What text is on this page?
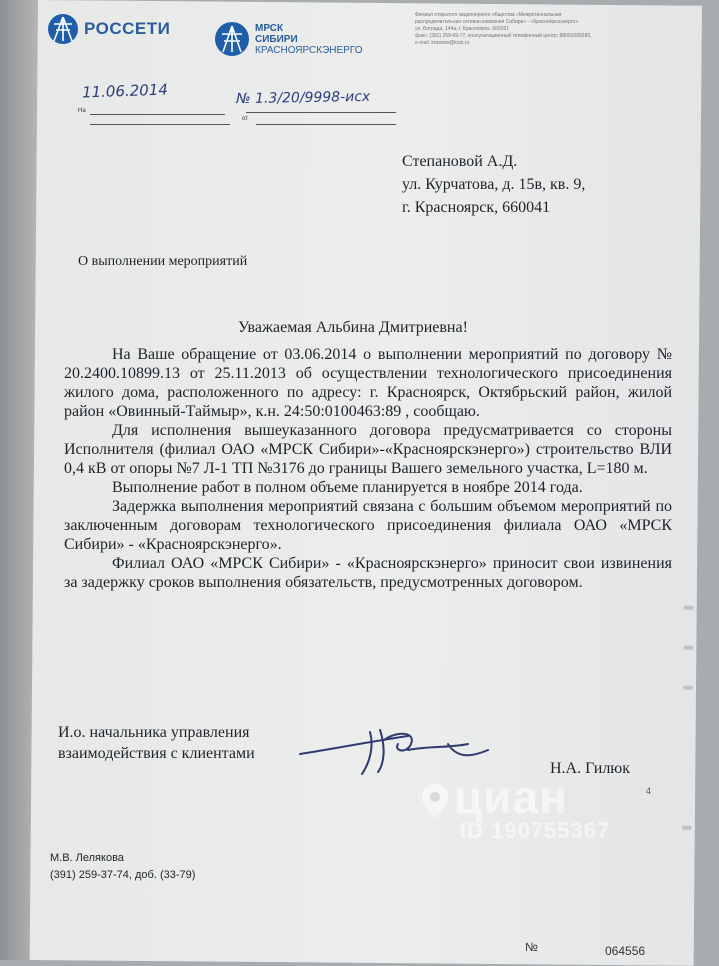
РОССЕТИ	МРСК
СИБИРИ
КРАСНОЯРСКЭНЕРГО
Филиал открытого акционерного общества «Межрегиональная
распределительная сетевая компания Сибири» - «Красноярскэнерго»
ул. Бограда, 144а, г. Красноярск, 660021
факс: (391) 259-69-77, консультационный телефонный центр: 88001000280,
e-mail: krasnoe@krsk.ru
11.06.2014
На
№ 1.3/20/9998-исх
от
Степановой А.Д.
ул. Курчатова, д. 15в, кв. 9,
г. Красноярск, 660041
О выполнении мероприятий
Уважаемая Альбина Дмитриевна!

На Ваше обращение от 03.06.2014 о выполнении мероприятий по договору № 20.2400.10899.13 от 25.11.2013 об осуществлении технологического присоединения жилого дома, расположенного по адресу: г. Красноярск, Октябрьский район, жилой район «Овинный-Таймыр», к.н. 24:50:0100463:89 , сообщаю.

Для исполнения вышеуказанного договора предусматривается со стороны Исполнителя (филиал ОАО «МРСК Сибири»-«Красноярскэнерго») строительство ВЛИ 0,4 кВ от опоры №7 Л-1 ТП №3176 до границы Вашего земельного участка, L=180 м.

Выполнение работ в полном объеме планируется в ноябре 2014 года.

Задержка выполнения мероприятий связана с большим объемом мероприятий по заключенным договорам технологического присоединения филиала ОАО «МРСК Сибири» - «Красноярскэнерго».

Филиал ОАО «МРСК Сибири» - «Красноярскэнерго» приносит свои извинения за задержку сроков выполнения обязательств, предусмотренных договором.

И.о. начальника управления
взаимодействия с клиентами
Н.А. Гилюк
4
циан
ID 190755367
М.В. Лелякова
(391) 259-37-74, доб. (33-79)
№	064556
